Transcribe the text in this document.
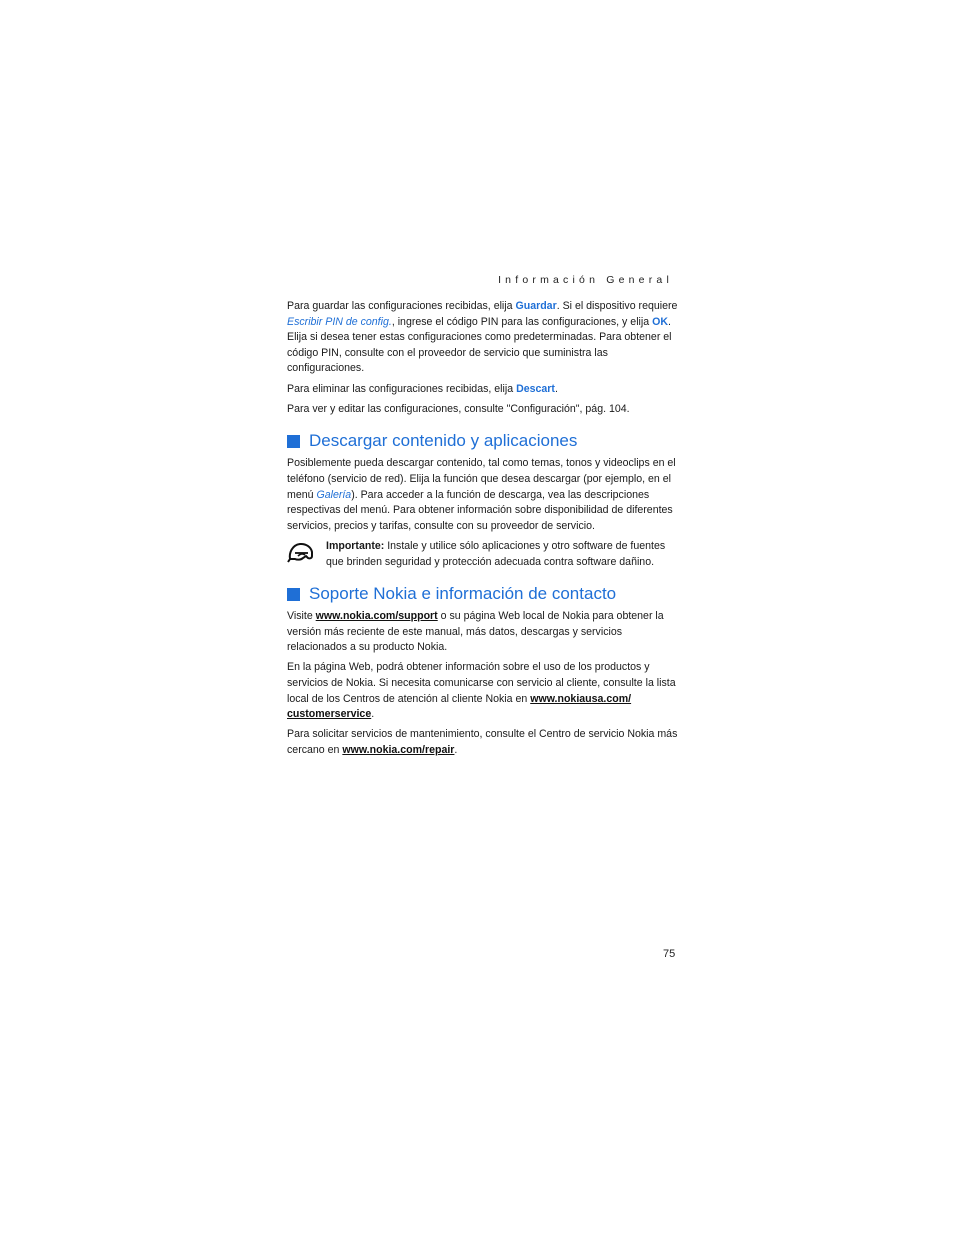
Información General

Para guardar las configuraciones recibidas, elija Guardar. Si el dispositivo requiere Escribir PIN de config., ingrese el código PIN para las configuraciones, y elija OK. Elija si desea tener estas configuraciones como predeterminadas. Para obtener el código PIN, consulte con el proveedor de servicio que suministra las configuraciones.

Para eliminar las configuraciones recibidas, elija Descart.

Para ver y editar las configuraciones, consulte "Configuración", pág. 104.

Descargar contenido y aplicaciones

Posiblemente pueda descargar contenido, tal como temas, tonos y videoclips en el teléfono (servicio de red). Elija la función que desea descargar (por ejemplo, en el menú Galería). Para acceder a la función de descarga, vea las descripciones respectivas del menú. Para obtener información sobre disponibilidad de diferentes servicios, precios y tarifas, consulte con su proveedor de servicio.

Importante: Instale y utilice sólo aplicaciones y otro software de fuentes que brinden seguridad y protección adecuada contra software dañino.
Soporte Nokia e información de contacto

Visite www.nokia.com/support o su página Web local de Nokia para obtener la versión más reciente de este manual, más datos, descargas y servicios relacionados a su producto Nokia.

En la página Web, podrá obtener información sobre el uso de los productos y servicios de Nokia. Si necesita comunicarse con servicio al cliente, consulte la lista local de los Centros de atención al cliente Nokia en www.nokiausa.com/
customerservice.

Para solicitar servicios de mantenimiento, consulte el Centro de servicio Nokia más cercano en www.nokia.com/repair.

75
